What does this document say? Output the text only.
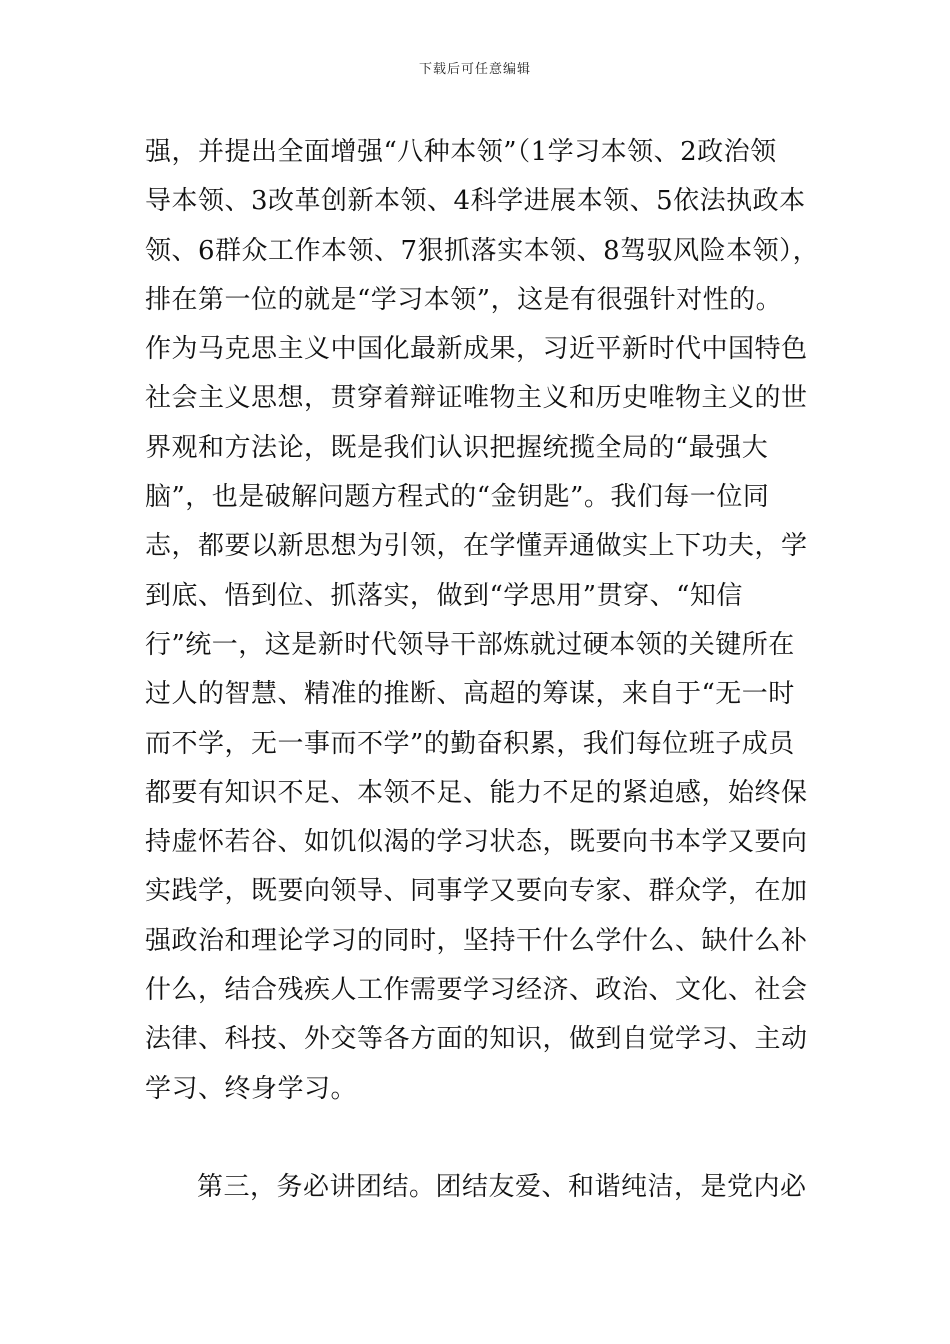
下载后可任意编辑
强，并提出全面增强“八种本领”（1学习本领、2政治领
导本领、3改革创新本领、4科学进展本领、5依法执政本
领、6群众工作本领、7狠抓落实本领、8驾驭风险本领），
排在第一位的就是“学习本领”，这是有很强针对性的。
作为马克思主义中国化最新成果，习近平新时代中国特色
社会主义思想，贯穿着辩证唯物主义和历史唯物主义的世
界观和方法论，既是我们认识把握统揽全局的“最强大
脑”，也是破解问题方程式的“金钥匙”。我们每一位同
志，都要以新思想为引领，在学懂弄通做实上下功夫，学
到底、悟到位、抓落实，做到“学思用”贯穿、“知信
行”统一，这是新时代领导干部炼就过硬本领的关键所在
过人的智慧、精准的推断、高超的筹谋，来自于“无一时
而不学，无一事而不学”的勤奋积累，我们每位班子成员
都要有知识不足、本领不足、能力不足的紧迫感，始终保
持虚怀若谷、如饥似渴的学习状态，既要向书本学又要向
实践学，既要向领导、同事学又要向专家、群众学，在加
强政治和理论学习的同时，坚持干什么学什么、缺什么补
什么，结合残疾人工作需要学习经济、政治、文化、社会
法律、科技、外交等各方面的知识，做到自觉学习、主动
学习、终身学习。
第三，务必讲团结。团结友爱、和谐纯洁，是党内必
